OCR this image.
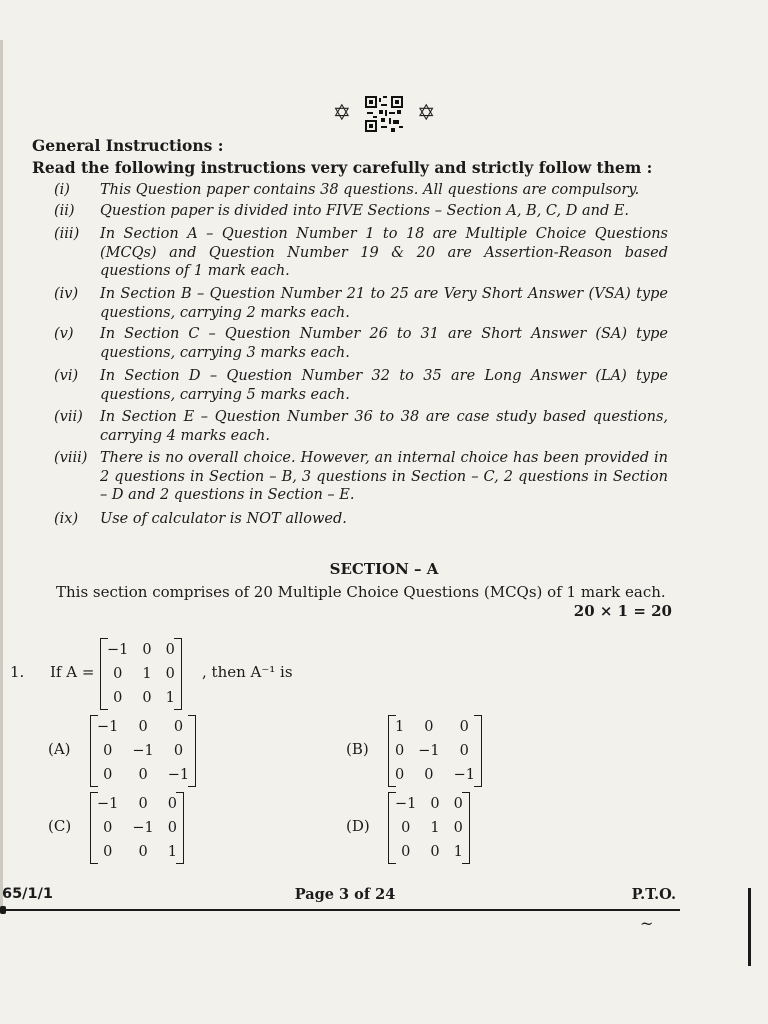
✡	✡
General Instructions :
Read the following instructions very carefully and strictly follow them :
(i)	This Question paper contains 38 questions. All questions are compulsory.
(ii)	Question paper is divided into FIVE Sections – Section A, B, C, D and E.
(iii)	In Section A – Question Number 1 to 18 are Multiple Choice Questions (MCQs) and Question Number 19 & 20 are Assertion-Reason based questions of 1 mark each.
(iv)	In Section B – Question Number 21 to 25 are Very Short Answer (VSA) type questions, carrying 2 marks each.
(v)	In Section C – Question Number 26 to 31 are Short Answer (SA) type questions, carrying 3 marks each.
(vi)	In Section D – Question Number 32 to 35 are Long Answer (LA) type questions, carrying 5 marks each.
(vii)	In Section E – Question Number 36 to 38 are case study based questions, carrying 4 marks each.
(viii) There is no overall choice. However, an internal choice has been provided in 2 questions in Section – B, 3 questions in Section – C, 2 questions in Section – D and 2 questions in Section – E.
(ix)	Use of calculator is NOT allowed.
SECTION – A
This section comprises of 20 Multiple Choice Questions (MCQs) of 1 mark each.
20 × 1 = 20
1. If A =
−1	0	0
0	1	0
0	0	1
, then A⁻¹ is
(A)
−1	0	0
0	−1	0
0	0	−1
(B)
1	0	0
0	−1	0
0	0	−1
(C)
−1	0	0
0	−1	0
0	0	1
(D)
−1	0	0
0	1	0
0	0	1
65/1/1	Page 3 of 24	P.T.O.
~
